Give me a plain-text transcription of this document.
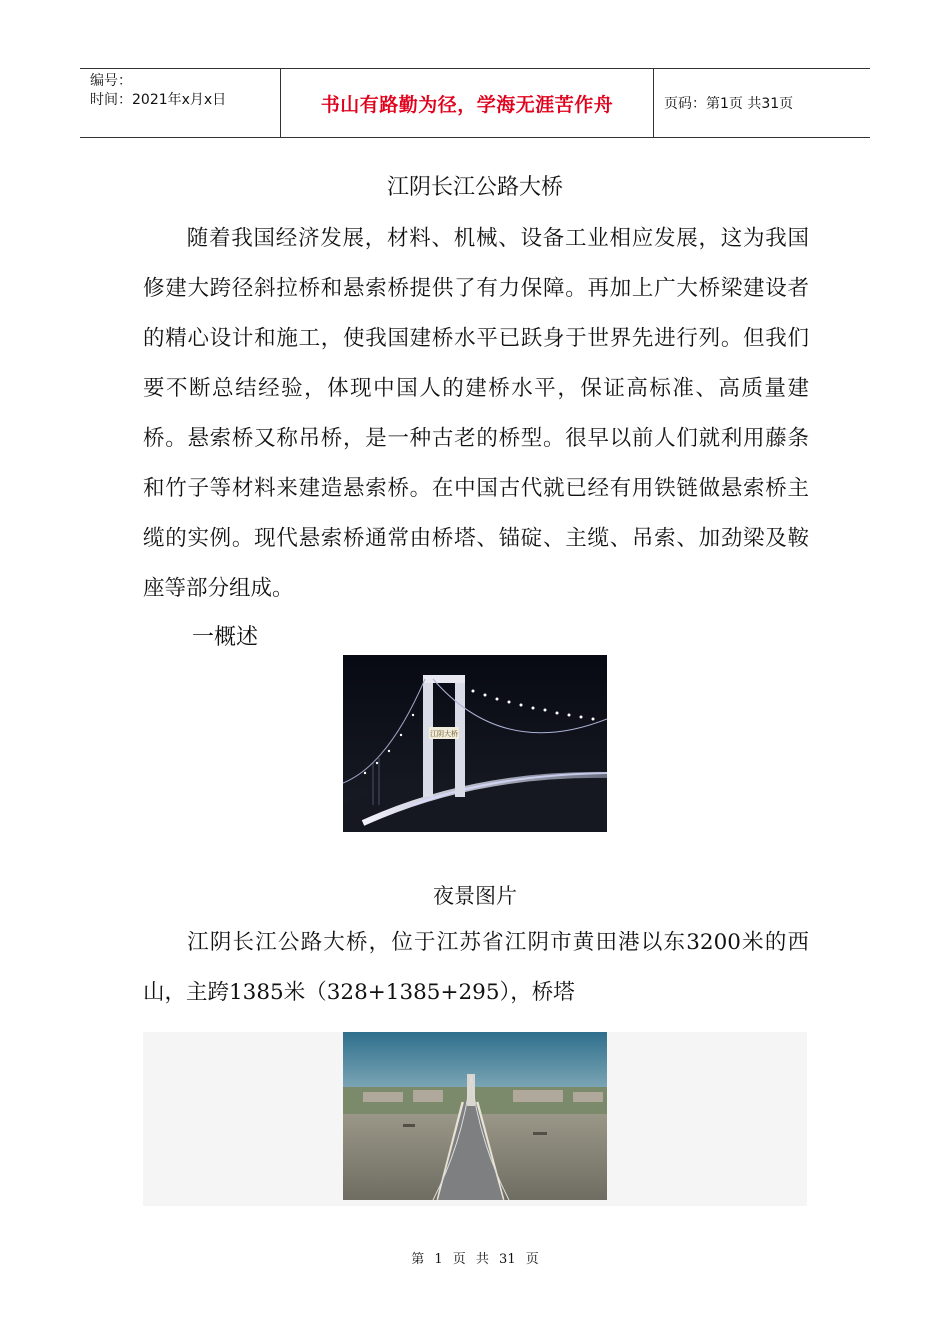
编号：
时间：2021年x月x日	书山有路勤为径，学海无涯苦作舟	页码：第1页 共31页
江阴长江公路大桥
随着我国经济发展，材料、机械、设备工业相应发展，这为我国修建大跨径斜拉桥和悬索桥提供了有力保障。再加上广大桥梁建设者的精心设计和施工，使我国建桥水平已跃身于世界先进行列。但我们要不断总结经验，体现中国人的建桥水平，保证高标准、高质量建桥。悬索桥又称吊桥，是一种古老的桥型。很早以前人们就利用藤条和竹子等材料来建造悬索桥。在中国古代就已经有用铁链做悬索桥主缆的实例。现代悬索桥通常由桥塔、锚碇、主缆、吊索、加劲梁及鞍座等部分组成。
一概述
江阴大桥
夜景图片
江阴长江公路大桥，位于江苏省江阴市黄田港以东3200米的西山，主跨1385米（328+1385+295），桥塔
第 1 页 共 31 页
